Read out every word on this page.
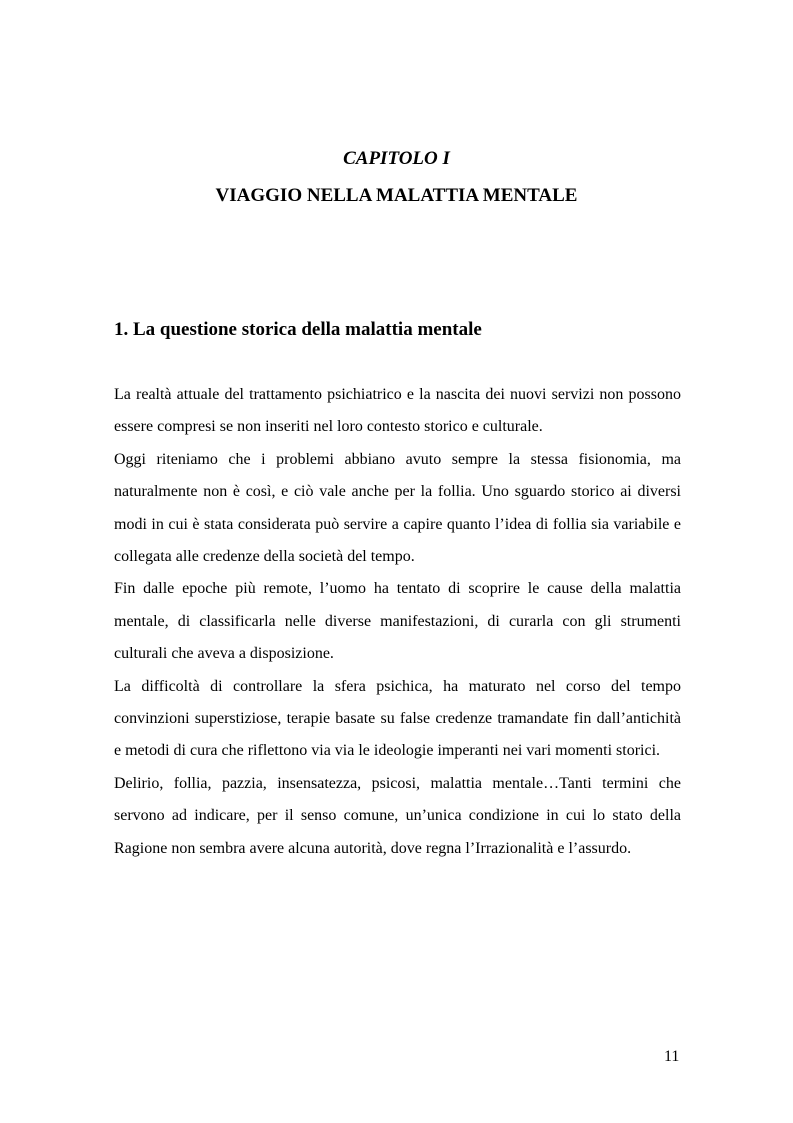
CAPITOLO I
VIAGGIO NELLA MALATTIA MENTALE
1. La questione storica della malattia mentale

La realtà attuale del trattamento psichiatrico e la nascita dei nuovi servizi non possono essere compresi se non inseriti nel loro contesto storico e culturale.

Oggi riteniamo che i problemi abbiano avuto sempre la stessa fisionomia, ma naturalmente non è così, e ciò vale anche per la follia. Uno sguardo storico ai diversi modi in cui è stata considerata può servire a capire quanto l’idea di follia sia variabile e collegata alle credenze della società del tempo.

Fin dalle epoche più remote, l’uomo ha tentato di scoprire le cause della malattia mentale, di classificarla nelle diverse manifestazioni, di curarla con gli strumenti culturali che aveva a disposizione.

La difficoltà di controllare la sfera psichica, ha maturato nel corso del tempo convinzioni superstiziose, terapie basate su false credenze tramandate fin dall’antichità e metodi di cura che riflettono via via le ideologie imperanti nei vari momenti storici.

Delirio, follia, pazzia, insensatezza, psicosi, malattia mentale…Tanti termini che servono ad indicare, per il senso comune, un’unica condizione in cui lo stato della Ragione non sembra avere alcuna autorità, dove regna l’Irrazionalità e l’assurdo.

11
